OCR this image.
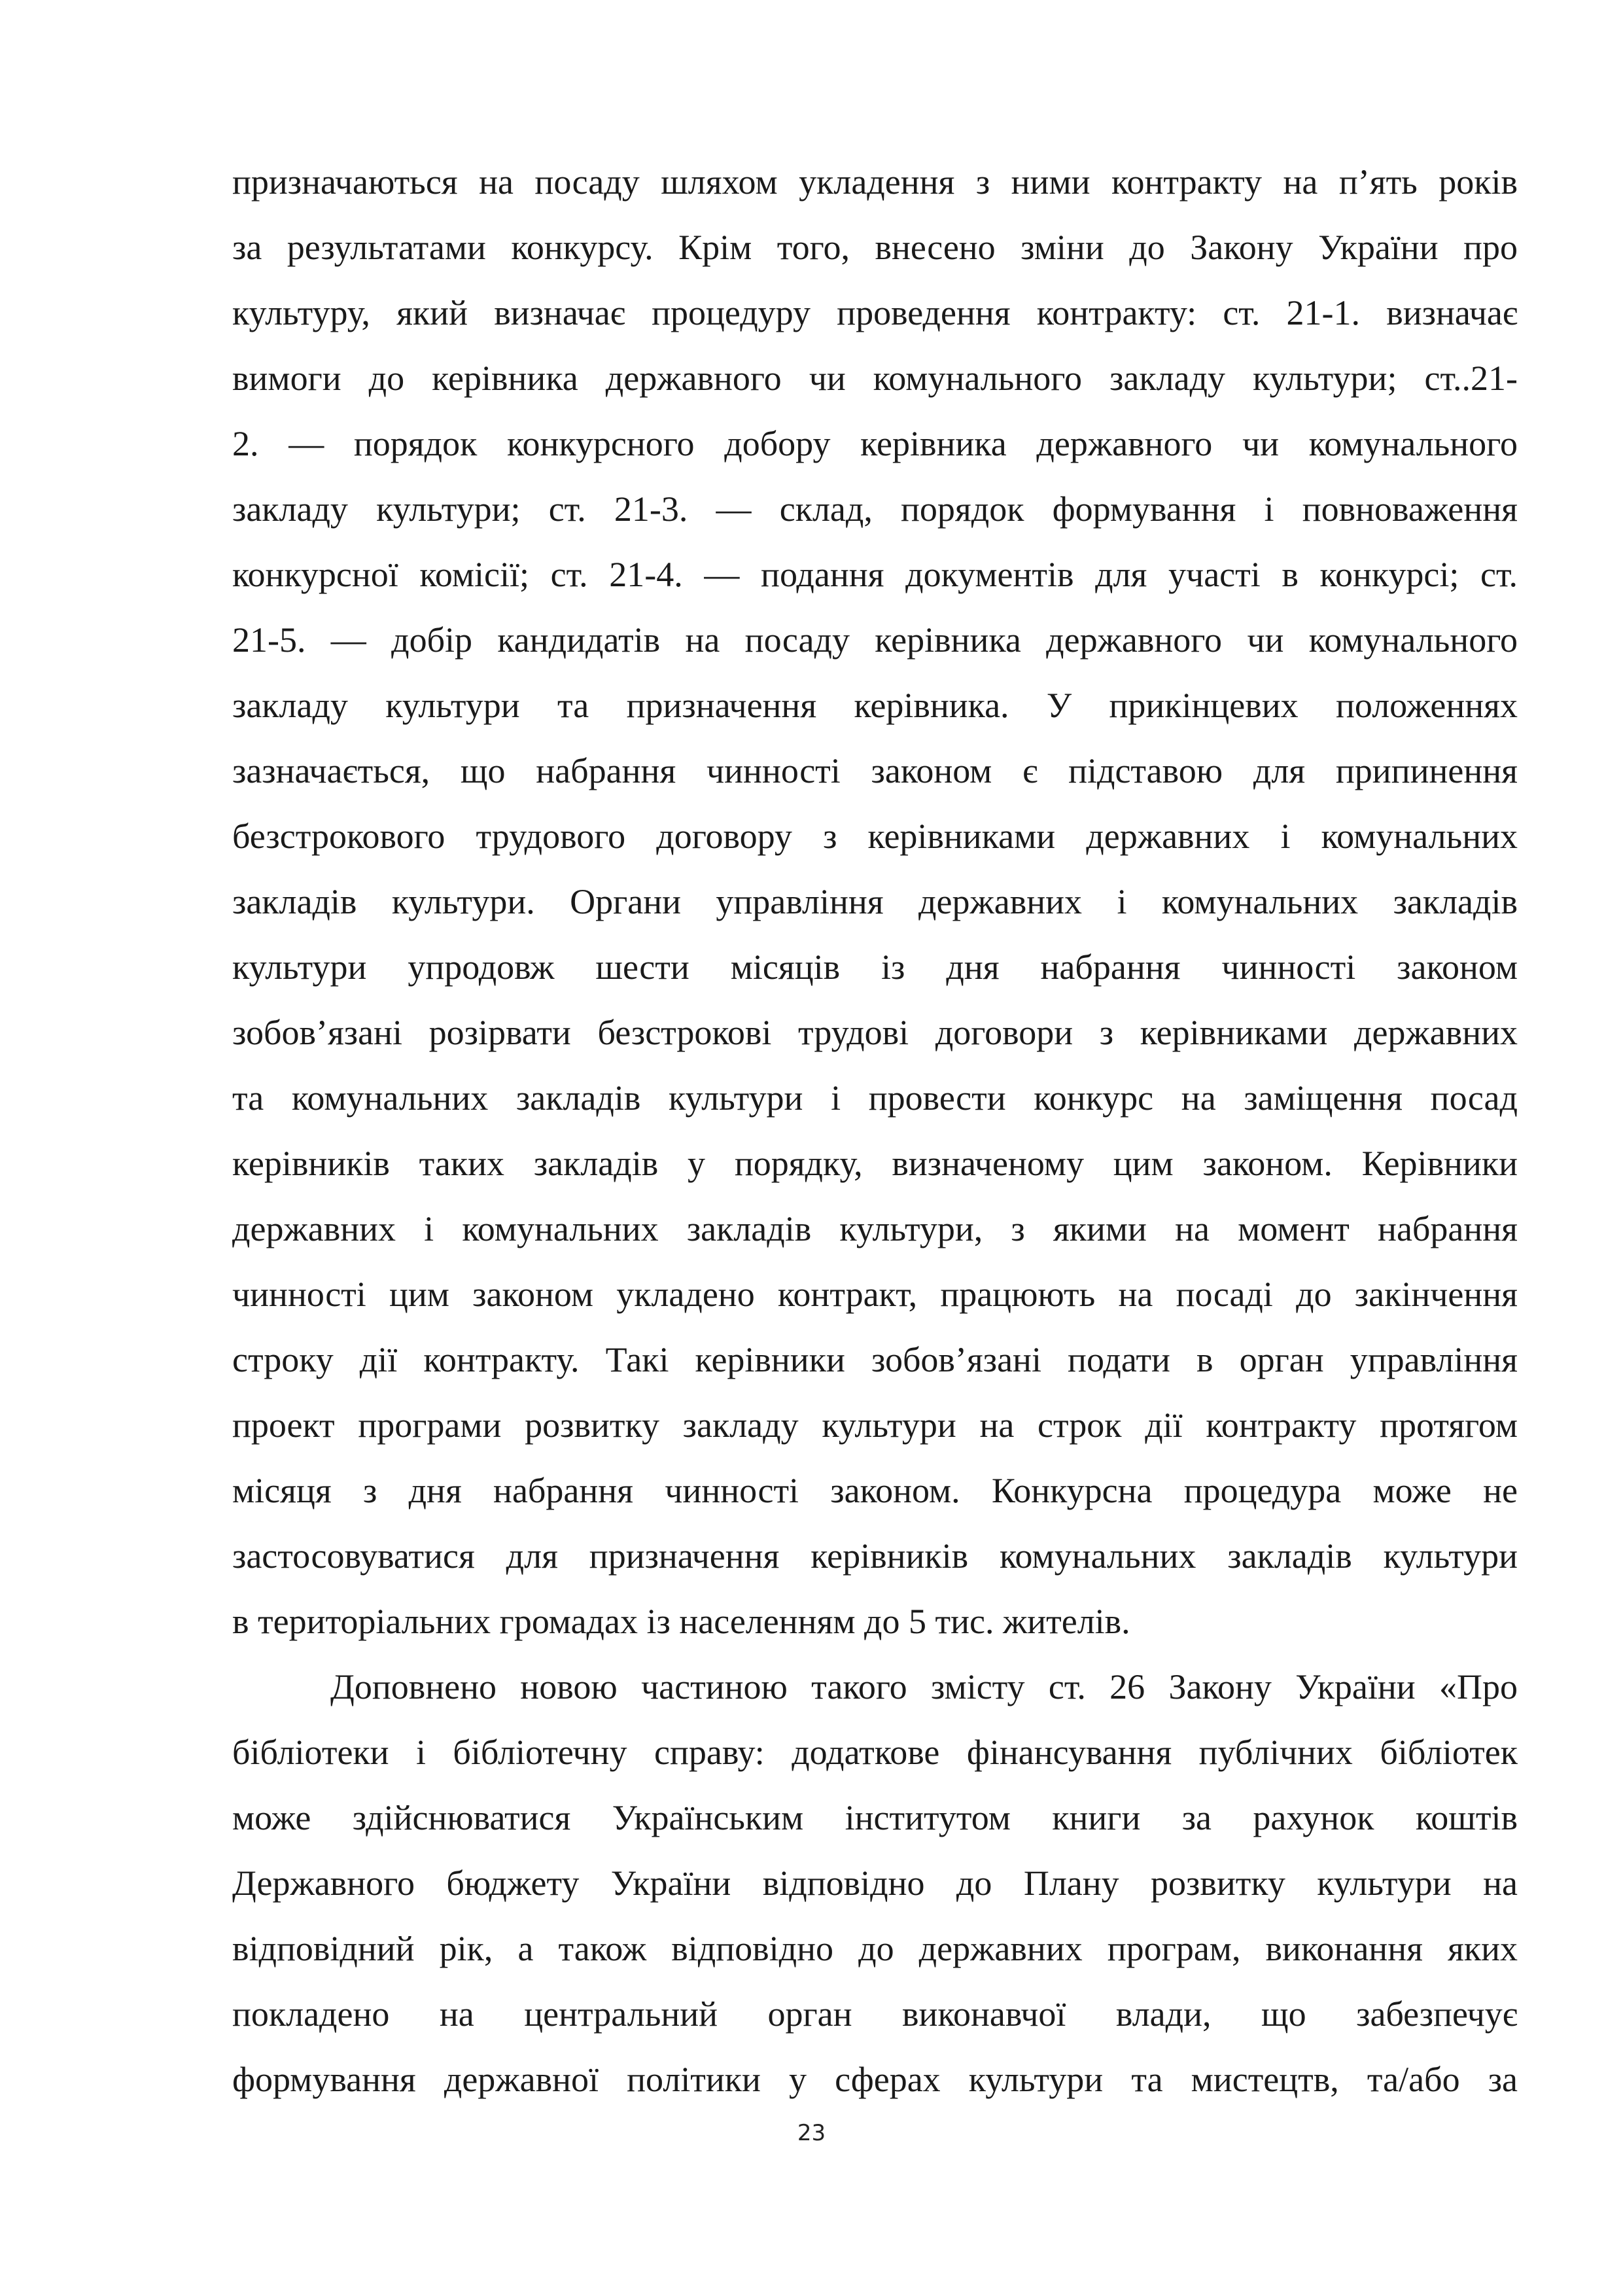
призначаються на посаду шляхом укладення з ними контракту на п’ять років
за результатами конкурсу. Крім того, внесено зміни до Закону України про
культуру, який визначає процедуру проведення контракту: ст. 21-1. визначає
вимоги до керівника державного чи комунального закладу культури; ст..21-
2. — порядок конкурсного добору керівника державного чи комунального
закладу культури; ст. 21-3. — склад, порядок формування і повноваження
конкурсної комісії; ст. 21-4. — подання документів для участі в конкурсі; ст.
21-5. — добір кандидатів на посаду керівника державного чи комунального
закладу культури та призначення керівника. У прикінцевих положеннях
зазначається, що набрання чинності законом є підставою для припинення
безстрокового трудового договору з керівниками державних і комунальних
закладів культури. Органи управління державних і комунальних закладів
культури упродовж шести місяців із дня набрання чинності законом
зобов’язані розірвати безстрокові трудові договори з керівниками державних
та комунальних закладів культури і провести конкурс на заміщення посад
керівників таких закладів у порядку, визначеному цим законом. Керівники
державних і комунальних закладів культури, з якими на момент набрання
чинності цим законом укладено контракт, працюють на посаді до закінчення
строку дії контракту. Такі керівники зобов’язані подати в орган управління
проект програми розвитку закладу культури на строк дії контракту протягом
місяця з дня набрання чинності законом. Конкурсна процедура може не
застосовуватися для призначення керівників комунальних закладів культури
в територіальних громадах із населенням до 5 тис. жителів.
Доповнено новою частиною такого змісту ст. 26 Закону України «Про
бібліотеки і бібліотечну справу: додаткове фінансування публічних бібліотек
може здійснюватися Українським інститутом книги за рахунок коштів
Державного бюджету України відповідно до Плану розвитку культури на
відповідний рік, а також відповідно до державних програм, виконання яких
покладено на центральний орган виконавчої влади, що забезпечує
формування державної політики у сферах культури та мистецтв, та/або за
23
